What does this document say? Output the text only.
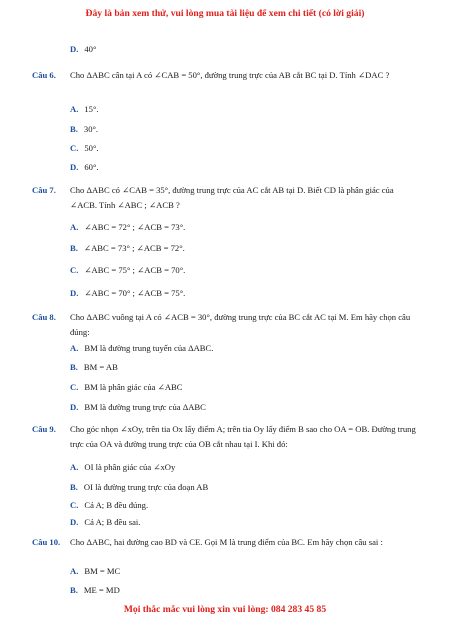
Đây là bản xem thử, vui lòng mua tài liệu để xem chi tiết (có lời giải)
D. 40°
Câu 6. Cho ΔABC cân tại A có ∠CAB = 50°, đường trung trực của AB cắt BC tại D. Tính ∠DAC ?
A. 15°.
B. 30°.
C. 50°.
D. 60°.
Câu 7. Cho ΔABC có ∠CAB = 35°, đường trung trực của AC cắt AB tại D. Biết CD là phân giác của ∠ACB. Tính ∠ABC ; ∠ACB ?
A. ∠ABC = 72° ; ∠ACB = 73°.
B. ∠ABC = 73° ; ∠ACB = 72°.
C. ∠ABC = 75° ; ∠ACB = 70°.
D. ∠ABC = 70° ; ∠ACB = 75°.
Câu 8. Cho ΔABC vuông tại A có ∠ACB = 30°, đường trung trực của BC cắt AC tại M. Em hãy chọn câu đúng:
A. BM là đường trung tuyến của ΔABC.
B. BM = AB
C. BM là phân giác của ∠ABC
D. BM là đường trung trực của ΔABC
Câu 9. Cho góc nhọn ∠xOy, trên tia Ox lấy điểm A; trên tia Oy lấy điểm B sao cho OA = OB. Đường trung trực của OA và đường trung trực của OB cắt nhau tại I. Khi đó:
A. OI là phân giác của ∠xOy
B. OI là đường trung trực của đoạn AB
C. Cả A; B đều đúng.
D. Cả A; B đều sai.
Câu 10. Cho ΔABC, hai đường cao BD và CE. Gọi M là trung điểm của BC. Em hãy chọn câu sai :
A. BM = MC
B. ME = MD
Mọi thắc mắc vui lòng xin vui lòng: 084 283 45 85
